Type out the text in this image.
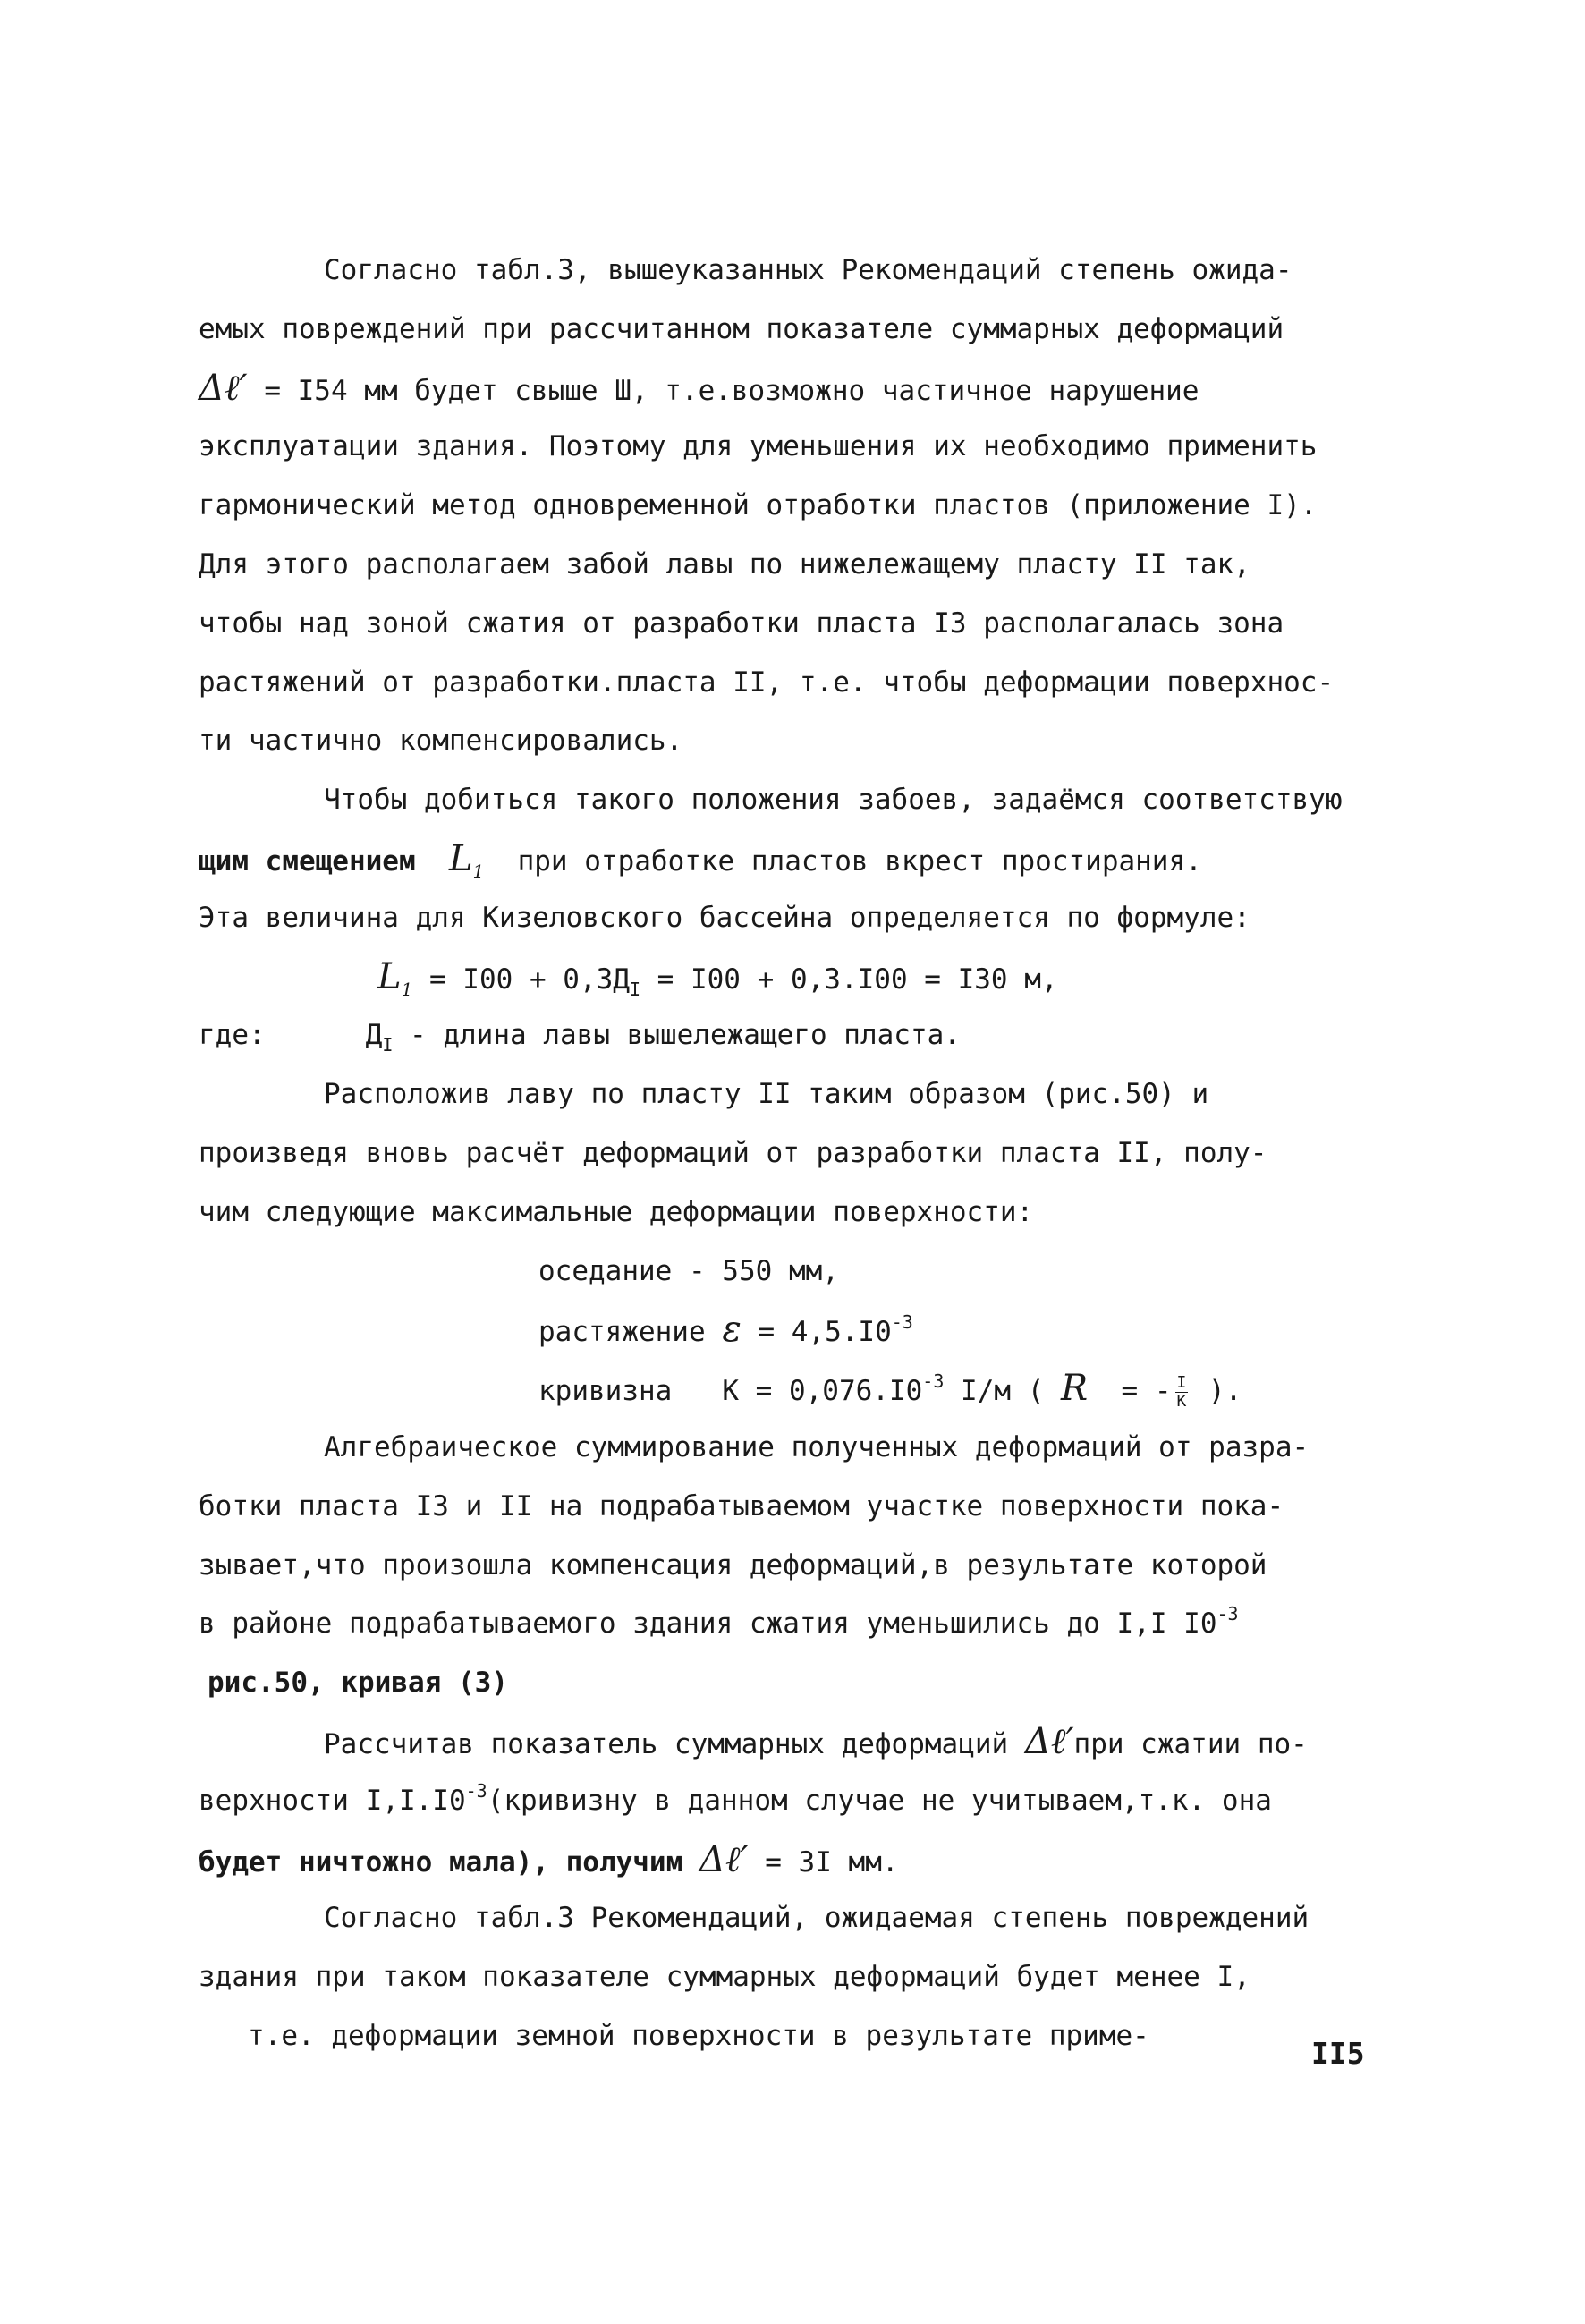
Согласно табл.3, вышеуказанных Рекомендаций степень ожида-
емых повреждений при рассчитанном показателе суммарных деформаций
Δℓ′ = I54 мм будет свыше Ш, т.е.возможно частичное нарушение
эксплуатации здания. Поэтому для уменьшения их необходимо применить
гармонический метод одновременной отработки пластов (приложение I).
Для этого располагаем забой лавы по нижележащему пласту II так,
чтобы над зоной сжатия от разработки пласта I3 располагалась зона
растяжений от разработки.пласта II, т.е. чтобы деформации поверхнос-
ти частично компенсировались.
Чтобы добиться такого положения забоев, задаёмся соответствую
щим смещением $L_1$ при отработке пластов вкрест простирания.
Эта величина для Кизеловского бассейна определяется по формуле:
$L_1 = I00 + 0,3Д_I = I00 + 0,3.I00 = I30$ м,
где:	$Д_I$ - длина лавы вышележащего пласта.
Расположив лаву по пласту II таким образом (рис.50) и
произведя вновь расчёт деформаций от разработки пласта II, полу-
чим следующие максимальные деформации поверхности:
оседание - 550 мм,
растяжение $\varepsilon = 4,5.I0^{-3}$
кривизна $К = 0,076.I0^{-3}$ I/м ( R = - $\frac{I}{К}$ ).
Алгебраическое суммирование полученных деформаций от разра-
ботки пласта I3 и II на подрабатываемом участке поверхности пока-
зывает,что произошла компенсация деформаций,в результате которой
в районе подрабатываемого здания сжатия уменьшились до I,I $I0^{-3}$
рис.50, кривая (3)
Рассчитав показатель суммарных деформаций Δℓ′при сжатии по-
верхности $I,I.I0^{-3}(кривизну$ в данном случае не учитываем,т.к. она
будет ничтожно мала), получим Δℓ′ = 3I мм.
Согласно табл.3 Рекомендаций, ожидаемая степень повреждений
здания при таком показателе суммарных деформаций будет менее I,
т.е. деформации земной поверхности в результате приме-
II5
